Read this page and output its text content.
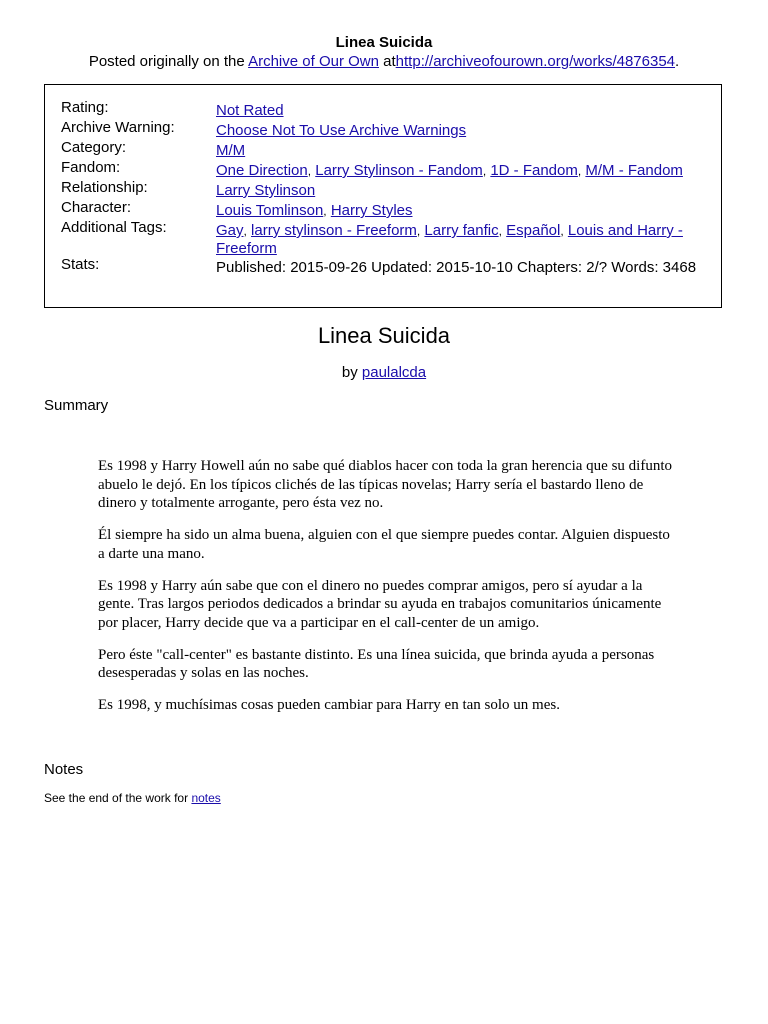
Linea Suicida
Posted originally on the Archive of Our Own athttp://archiveofourown.org/works/4876354.
Rating:	Not Rated
Archive Warning:	Choose Not To Use Archive Warnings
Category:	M/M
Fandom:	One Direction, Larry Stylinson - Fandom, 1D - Fandom, M/M - Fandom
Relationship:	Larry Stylinson
Character:	Louis Tomlinson, Harry Styles
Additional Tags:	Gay, larry stylinson - Freeform, Larry fanfic, Español, Louis and Harry - Freeform
Stats:	Published: 2015-09-26 Updated: 2015-10-10 Chapters: 2/? Words: 3468
Linea Suicida
by paulalcda
Summary

Es 1998 y Harry Howell aún no sabe qué diablos hacer con toda la gran herencia que su difunto abuelo le dejó. En los típicos clichés de las típicas novelas; Harry sería el bastardo lleno de dinero y totalmente arrogante, pero ésta vez no.

Él siempre ha sido un alma buena, alguien con el que siempre puedes contar. Alguien dispuesto a darte una mano.

Es 1998 y Harry aún sabe que con el dinero no puedes comprar amigos, pero sí ayudar a la gente. Tras largos periodos dedicados a brindar su ayuda en trabajos comunitarios únicamente por placer, Harry decide que va a participar en el call-center de un amigo.

Pero éste "call-center" es bastante distinto. Es una línea suicida, que brinda ayuda a personas desesperadas y solas en las noches.

Es 1998, y muchísimas cosas pueden cambiar para Harry en tan solo un mes.

Notes
See the end of the work for notes
